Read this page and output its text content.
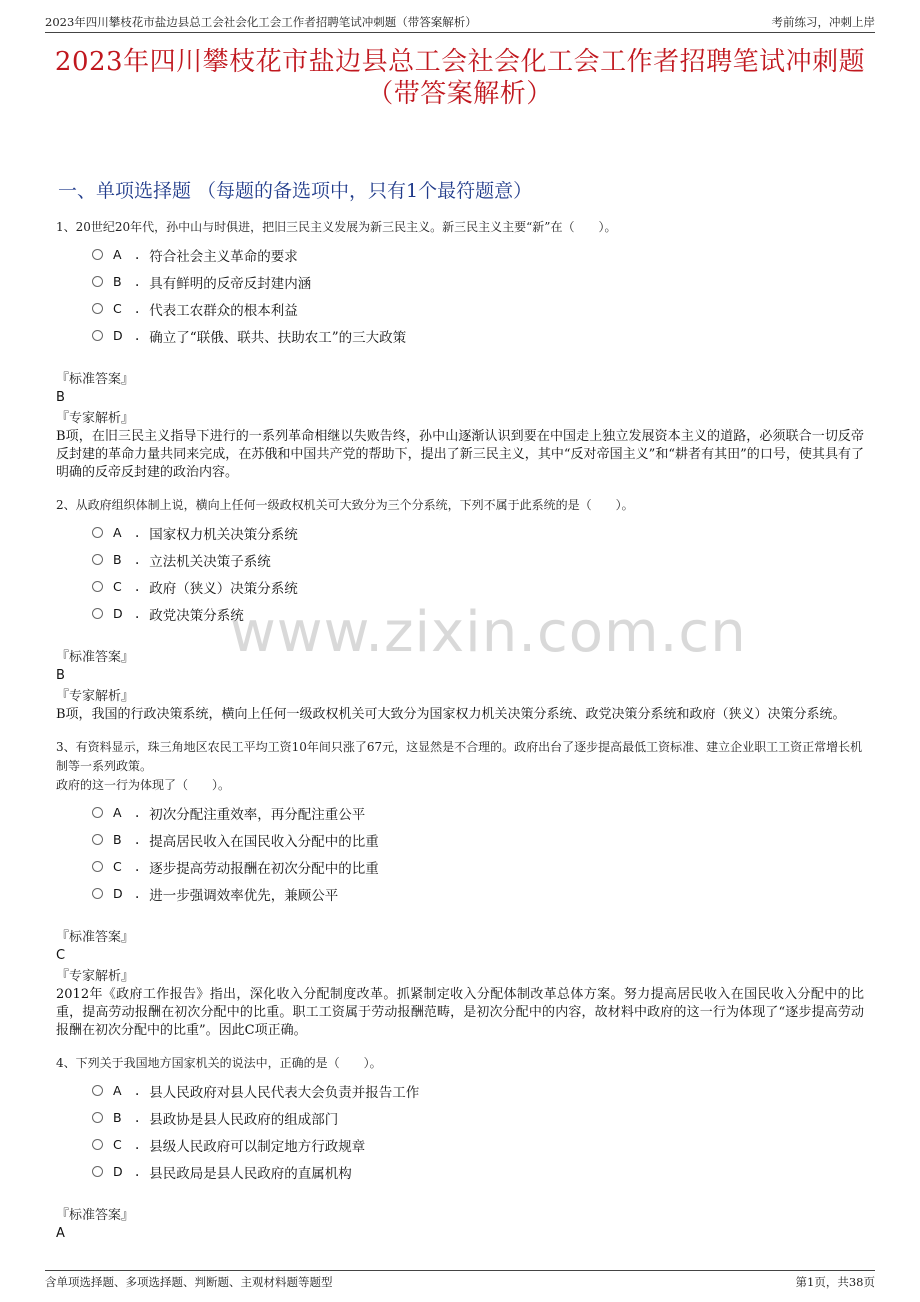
2023年四川攀枝花市盐边县总工会社会化工会工作者招聘笔试冲刺题（带答案解析）	考前练习，冲刺上岸
2023年四川攀枝花市盐边县总工会社会化工会工作者招聘笔试冲刺题（带答案解析）
一、单项选择题 （每题的备选项中，只有1个最符题意）
www.zixin.com.cn
1、20世纪20年代，孙中山与时俱进，把旧三民主义发展为新三民主义。新三民主义主要“新”在（　　）。
A . 符合社会主义革命的要求
B . 具有鲜明的反帝反封建内涵
C . 代表工农群众的根本利益
D . 确立了“联俄、联共、扶助农工”的三大政策
『标准答案』
B
『专家解析』
B项，在旧三民主义指导下进行的一系列革命相继以失败告终，孙中山逐渐认识到要在中国走上独立发展资本主义的道路，必须联合一切反帝反封建的革命力量共同来完成，在苏俄和中国共产党的帮助下，提出了新三民主义，其中“反对帝国主义”和“耕者有其田”的口号，使其具有了明确的反帝反封建的政治内容。
2、从政府组织体制上说，横向上任何一级政权机关可大致分为三个分系统，下列不属于此系统的是（　　）。
A . 国家权力机关决策分系统
B . 立法机关决策子系统
C . 政府（狭义）决策分系统
D . 政党决策分系统
『标准答案』
B
『专家解析』
B项，我国的行政决策系统，横向上任何一级政权机关可大致分为国家权力机关决策分系统、政党决策分系统和政府（狭义）决策分系统。
3、有资料显示，珠三角地区农民工平均工资10年间只涨了67元，这显然是不合理的。政府出台了逐步提高最低工资标准、建立企业职工工资正常增长机制等一系列政策。
政府的这一行为体现了（　　）。
A . 初次分配注重效率，再分配注重公平
B . 提高居民收入在国民收入分配中的比重
C . 逐步提高劳动报酬在初次分配中的比重
D . 进一步强调效率优先，兼顾公平
『标准答案』
C
『专家解析』
2012年《政府工作报告》指出，深化收入分配制度改革。抓紧制定收入分配体制改革总体方案。努力提高居民收入在国民收入分配中的比重，提高劳动报酬在初次分配中的比重。职工工资属于劳动报酬范畴，是初次分配中的内容，故材料中政府的这一行为体现了“逐步提高劳动报酬在初次分配中的比重”。因此C项正确。
4、下列关于我国地方国家机关的说法中，正确的是（　　）。
A . 县人民政府对县人民代表大会负责并报告工作
B . 县政协是县人民政府的组成部门
C . 县级人民政府可以制定地方行政规章
D . 县民政局是县人民政府的直属机构
『标准答案』
A
含单项选择题、多项选择题、判断题、主观材料题等题型	第1页，共38页
